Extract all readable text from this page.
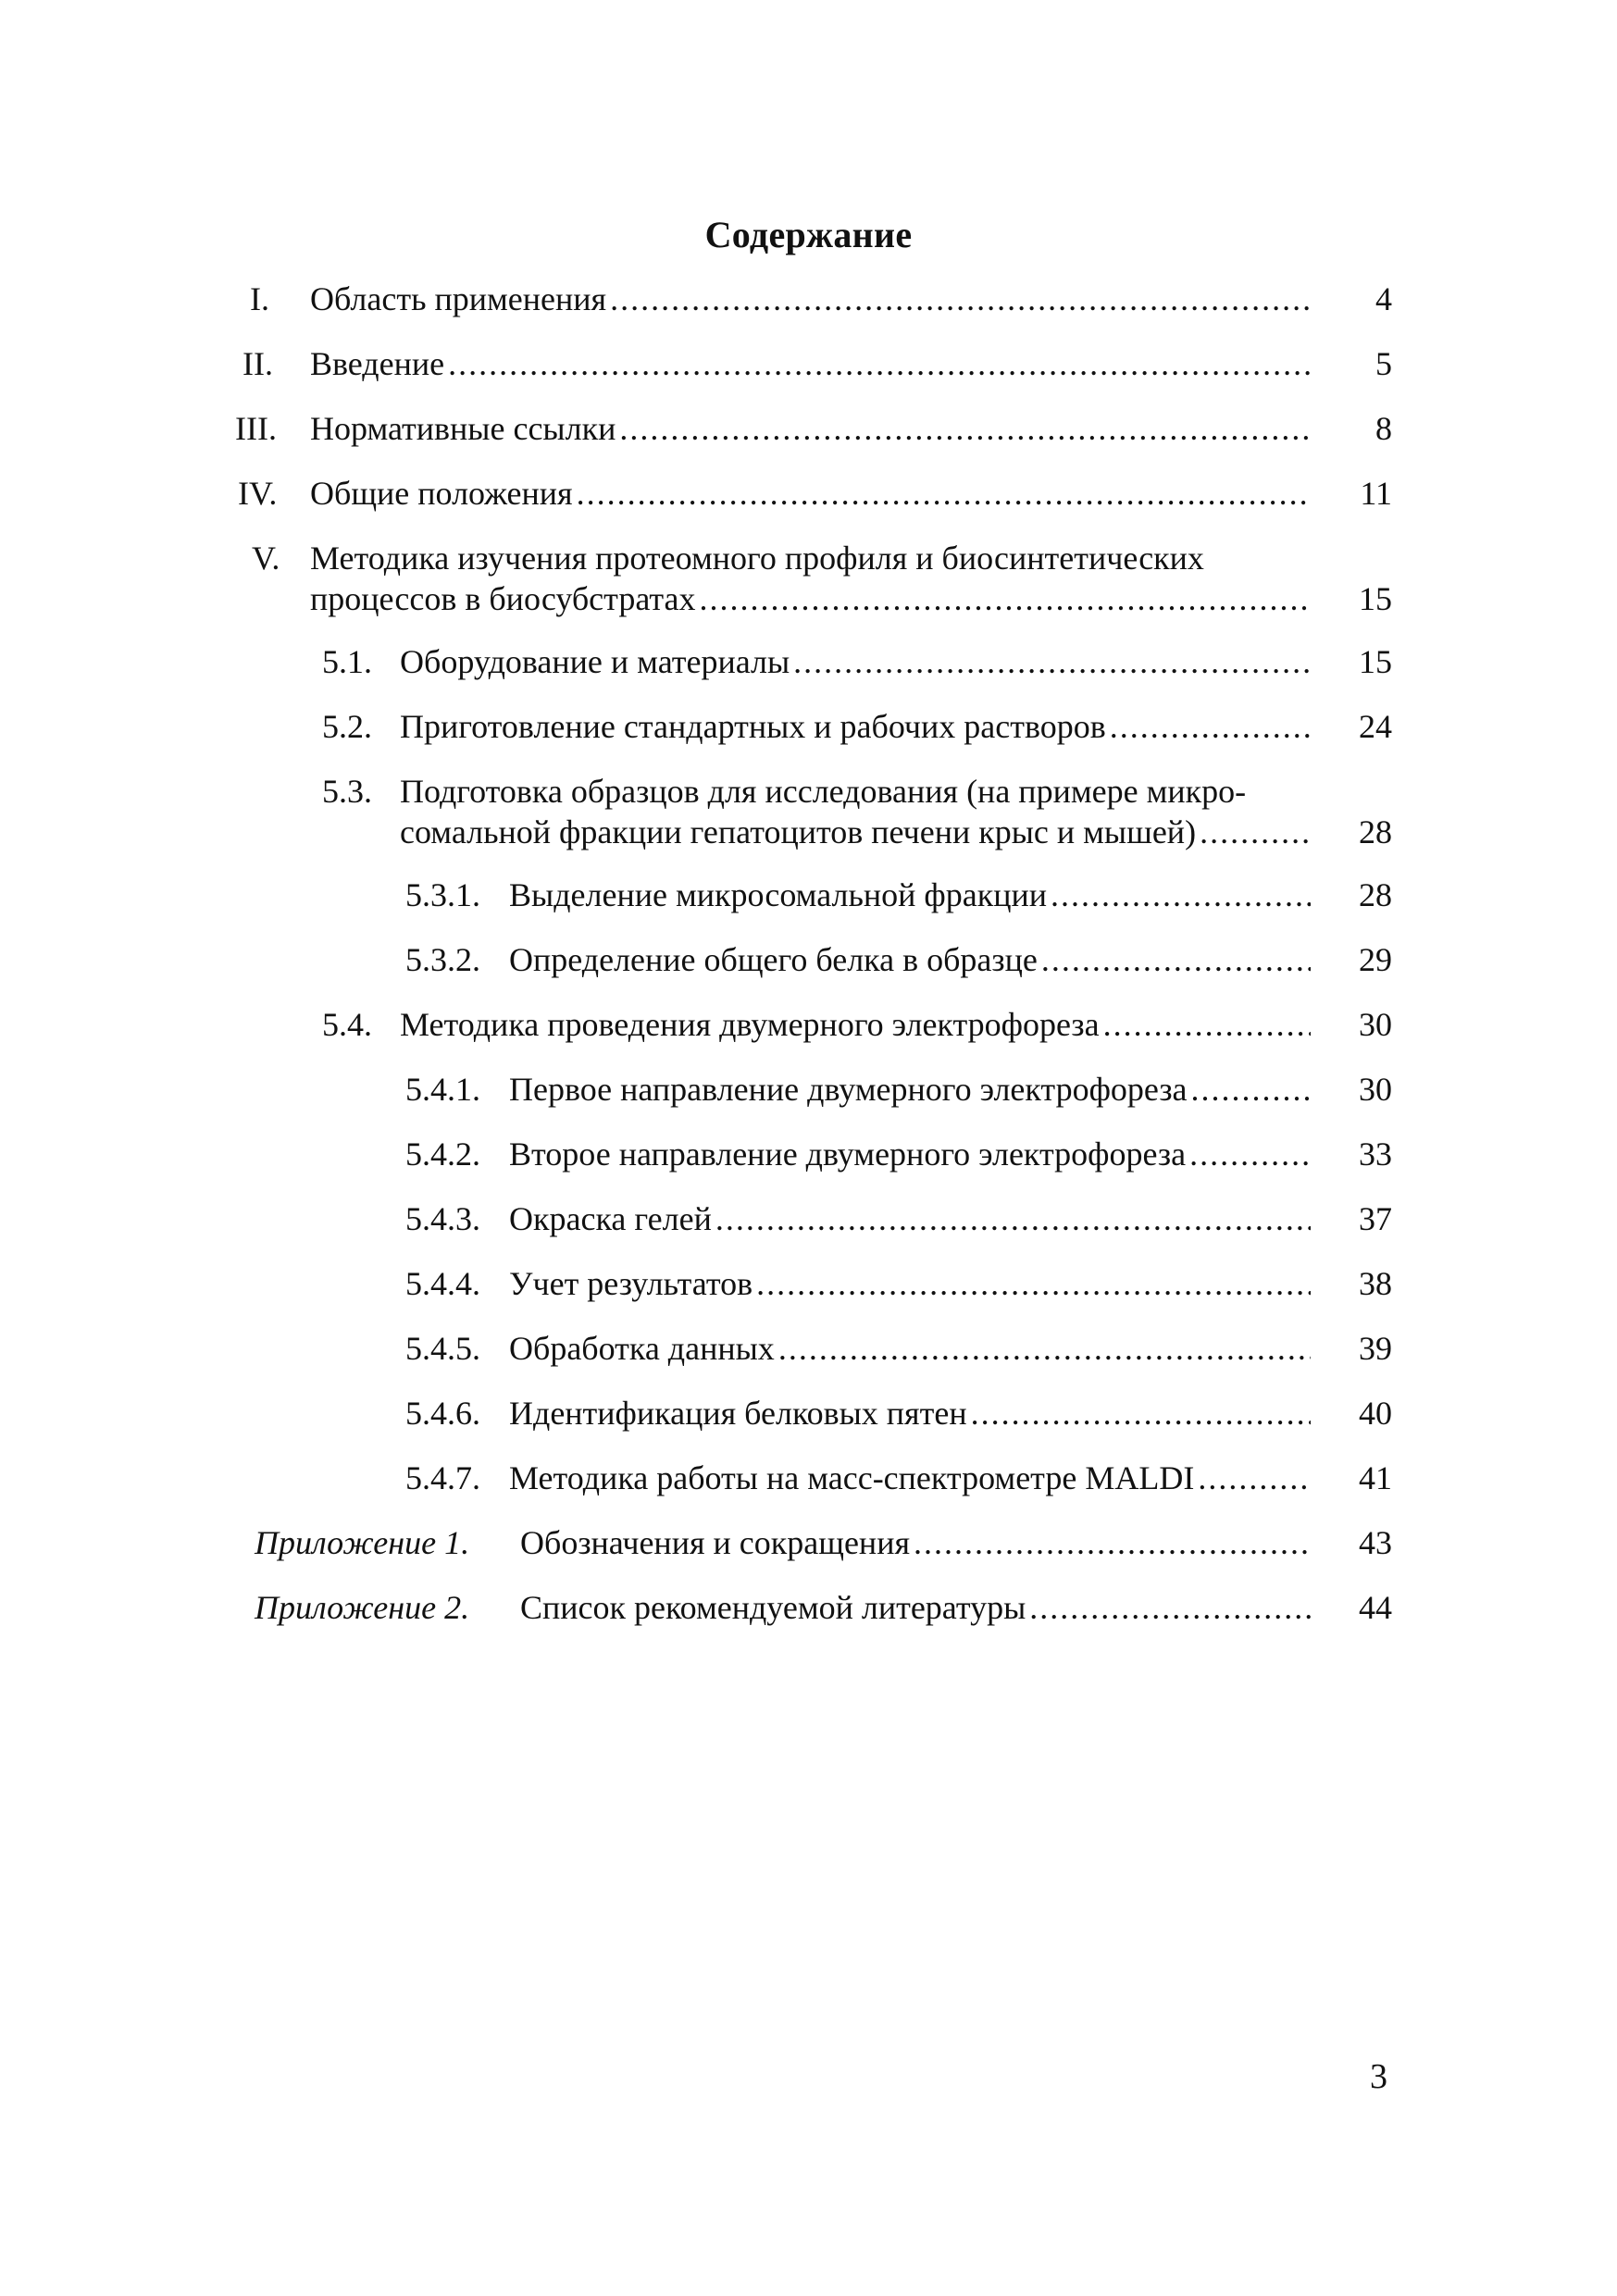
Содержание
I. Область применения .....	4
II. Введение .....	5
III. Нормативные ссылки .....	8
IV. Общие положения .....	11
V. Методика изучения протеомного профиля и биосинтетических
процессов в биосубстратах .....	15
5.1. Оборудование и материалы .....	15
5.2. Приготовление стандартных и рабочих растворов .....	24
5.3. Подготовка образцов для исследования (на примере микро-
сомальной фракции гепатоцитов печени крыс и мышей) .....	28
5.3.1. Выделение микросомальной фракции .....	28
5.3.2. Определение общего белка в образце .....	29
5.4. Методика проведения двумерного электрофореза .....	30
5.4.1. Первое направление двумерного электрофореза .....	30
5.4.2. Второе направление двумерного электрофореза .....	33
5.4.3. Окраска гелей .....	37
5.4.4. Учет результатов .....	38
5.4.5. Обработка данных .....	39
5.4.6. Идентификация белковых пятен .....	40
5.4.7. Методика работы на масс-спектрометре MALDI .....	41
Приложение 1. Обозначения и сокращения .....	43
Приложение 2. Список рекомендуемой литературы .....	44
3
